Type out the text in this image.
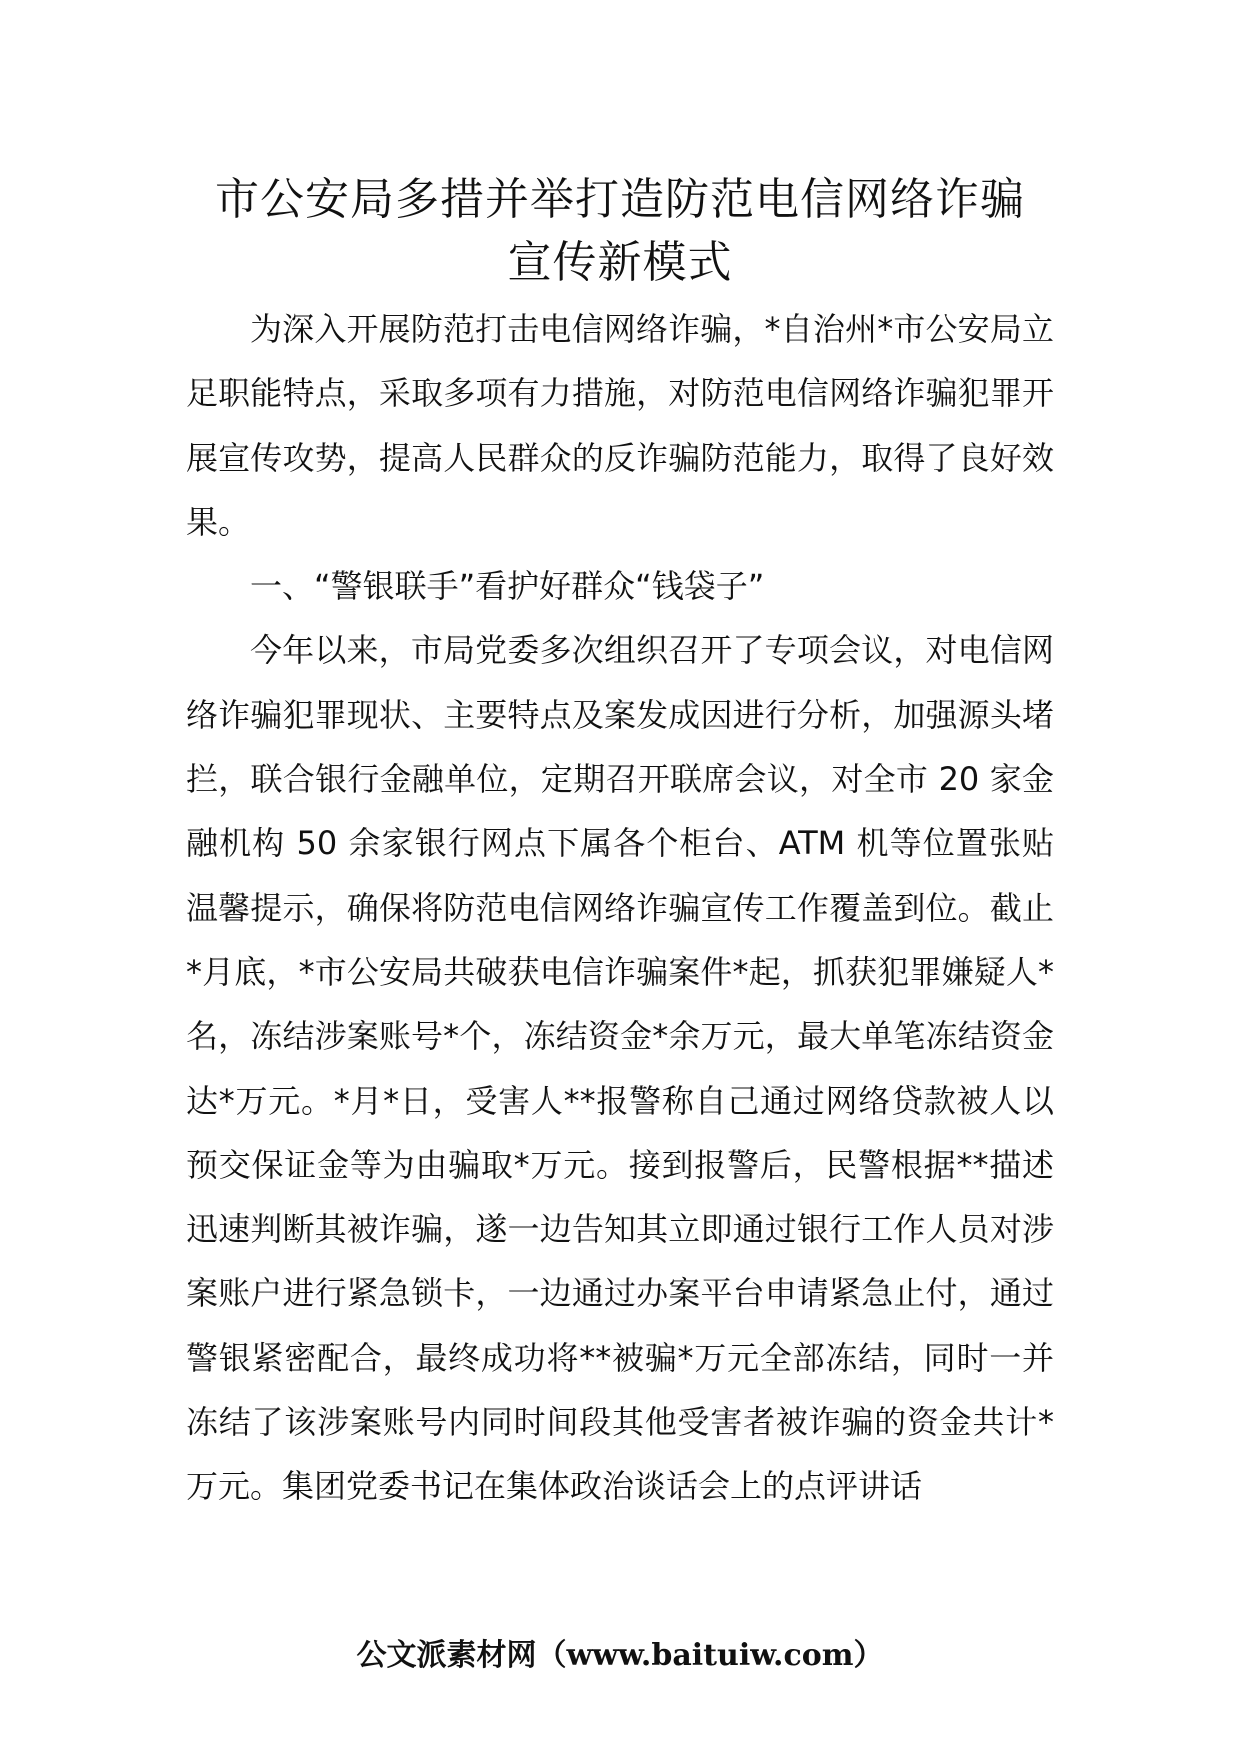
市公安局多措并举打造防范电信网络诈骗
宣传新模式

为深入开展防范打击电信网络诈骗，*自治州*市公安局立足职能特点，采取多项有力措施，对防范电信网络诈骗犯罪开展宣传攻势，提高人民群众的反诈骗防范能力，取得了良好效果。

一、“警银联手”看护好群众“钱袋子”

今年以来，市局党委多次组织召开了专项会议，对电信网络诈骗犯罪现状、主要特点及案发成因进行分析，加强源头堵拦，联合银行金融单位，定期召开联席会议，对全市 20 家金融机构 50 余家银行网点下属各个柜台、ATM 机等位置张贴温馨提示，确保将防范电信网络诈骗宣传工作覆盖到位。截止*月底，*市公安局共破获电信诈骗案件*起，抓获犯罪嫌疑人*名，冻结涉案账号*个，冻结资金*余万元，最大单笔冻结资金达*万元。*月*日，受害人**报警称自己通过网络贷款被人以预交保证金等为由骗取*万元。接到报警后，民警根据**描述迅速判断其被诈骗，遂一边告知其立即通过银行工作人员对涉案账户进行紧急锁卡，一边通过办案平台申请紧急止付，通过警银紧密配合，最终成功将**被骗*万元全部冻结，同时一并冻结了该涉案账号内同时间段其他受害者被诈骗的资金共计*万元。集团党委书记在集体政治谈话会上的点评讲话

公文派素材网（www.baituiw.com）
